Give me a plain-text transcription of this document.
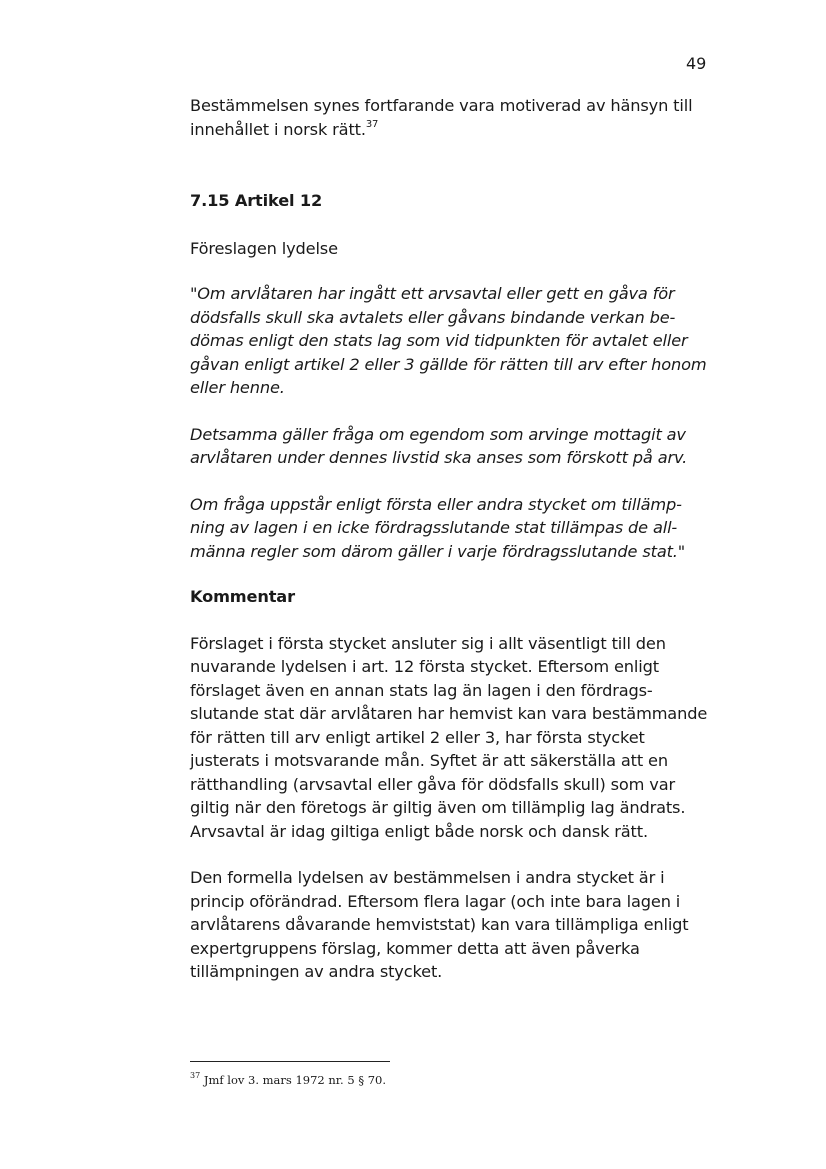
49

Bestämmelsen synes fortfarande vara motiverad av hänsyn till
innehållet i norsk rätt.$^{37}$

7.15 Artikel 12

Föreslagen lydelse

"Om arvlåtaren har ingått ett arvsavtal eller gett en gåva för
dödsfalls skull ska avtalets eller gåvans bindande verkan be-
dömas enligt den stats lag som vid tidpunkten för avtalet eller
gåvan enligt artikel 2 eller 3 gällde för rätten till arv efter honom
eller henne.

Detsamma gäller fråga om egendom som arvinge mottagit av
arvlåtaren under dennes livstid ska anses som förskott på arv.

Om fråga uppstår enligt första eller andra stycket om tillämp-
ning av lagen i en icke fördragsslutande stat tillämpas de all-
männa regler som därom gäller i varje fördragsslutande stat."

Kommentar

Förslaget i första stycket ansluter sig i allt väsentligt till den
nuvarande lydelsen i art. 12 första stycket. Eftersom enligt
förslaget även en annan stats lag än lagen i den fördrags-
slutande stat där arvlåtaren har hemvist kan vara bestämmande
för rätten till arv enligt artikel 2 eller 3, har första stycket
justerats i motsvarande mån. Syftet är att säkerställa att en
rätthandling (arvsavtal eller gåva för dödsfalls skull) som var
giltig när den företogs är giltig även om tillämplig lag ändrats.
Arvsavtal är idag giltiga enligt både norsk och dansk rätt.

Den formella lydelsen av bestämmelsen i andra stycket är i
princip oförändrad. Eftersom flera lagar (och inte bara lagen i
arvlåtarens dåvarande hemviststat) kan vara tillämpliga enligt
expertgruppens förslag, kommer detta att även påverka
tillämpningen av andra stycket.

$^{37}$ Jmf lov 3. mars 1972 nr. 5 § 70.
